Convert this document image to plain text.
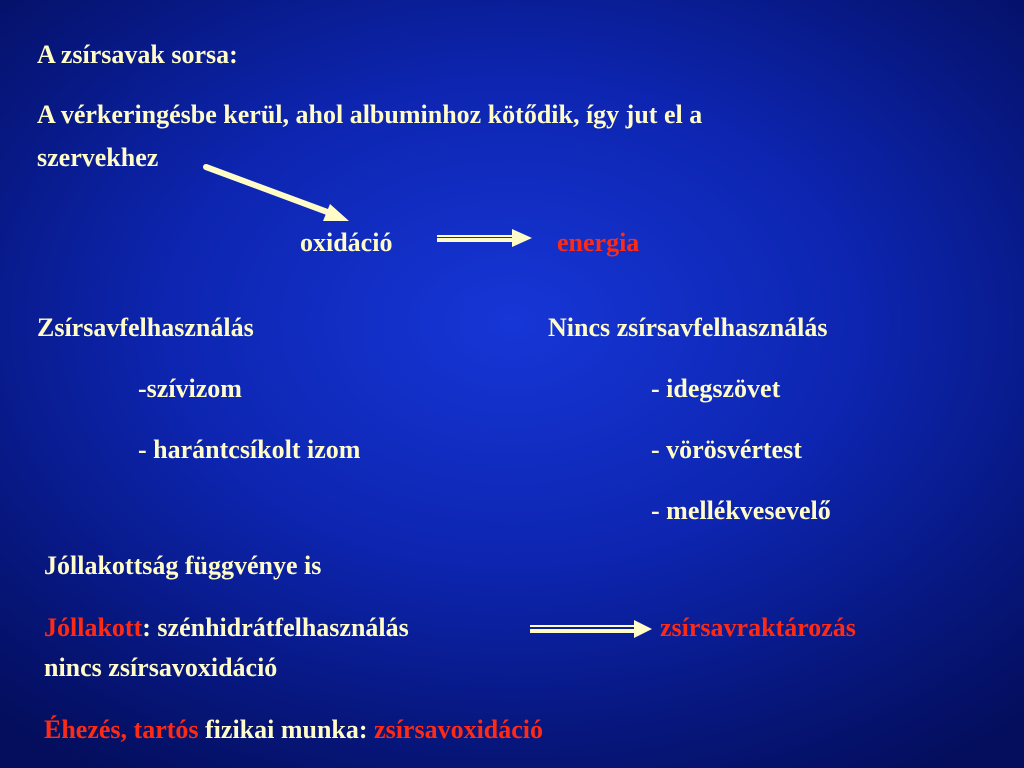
A zsírsavak sorsa:
A vérkeringésbe kerül, ahol albuminhoz kötődik, így jut el a
szervekhez
oxidáció	energia
Zsírsavfelhasználás
-szívizom
- harántcsíkolt izom
Nincs zsírsavfelhasználás
- idegszövet
- vörösvértest
- mellékvesevelő
Jóllakottság függvénye is
Jóllakott: szénhidrátfelhasználás	zsírsavraktározás
nincs zsírsavoxidáció
Éhezés, tartós fizikai munka: zsírsavoxidáció
